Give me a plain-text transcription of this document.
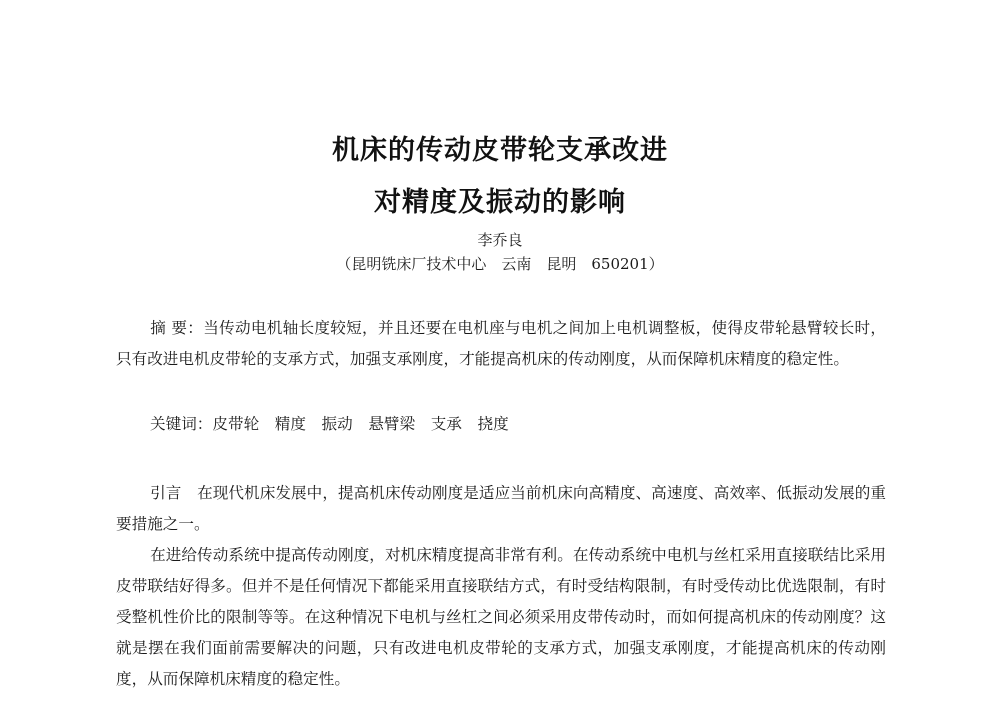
机床的传动皮带轮支承改进
对精度及振动的影响
李乔良
（昆明铣床厂技术中心　云南　昆明　650201）
摘 要：当传动电机轴长度较短，并且还要在电机座与电机之间加上电机调整板，使得皮带轮悬臂较长时，只有改进电机皮带轮的支承方式，加强支承刚度，才能提高机床的传动刚度，从而保障机床精度的稳定性。
关键词：皮带轮　精度　振动　悬臂梁　支承　挠度
引言　 在现代机床发展中，提高机床传动刚度是适应当前机床向高精度、高速度、高效率、低振动发展的重要措施之一。
在进给传动系统中提高传动刚度，对机床精度提高非常有利。在传动系统中电机与丝杠采用直接联结比采用皮带联结好得多。但并不是任何情况下都能采用直接联结方式，有时受结构限制，有时受传动比优选限制，有时受整机性价比的限制等等。在这种情况下电机与丝杠之间必须采用皮带传动时，而如何提高机床的传动刚度？这就是摆在我们面前需要解决的问题，只有改进电机皮带轮的支承方式，加强支承刚度，才能提高机床的传动刚度，从而保障机床精度的稳定性。
